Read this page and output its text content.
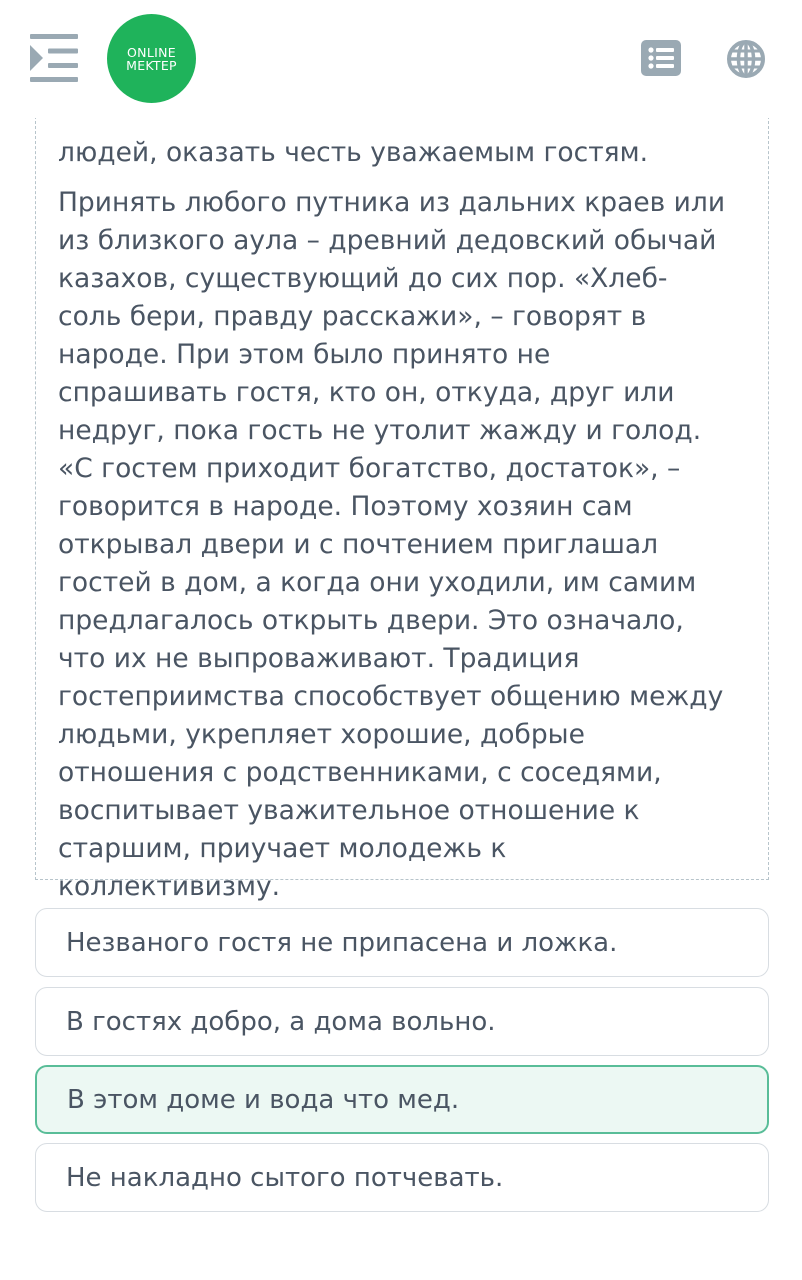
ONLINE
MEKTEP

людей, оказать честь уважаемым гостям.

Принять любого путника из дальних краев или из близкого аула – древний дедовский обычай казахов, существующий до сих пор. «Хлеб-соль бери, правду расскажи», – говорят в народе. При этом было принято не спрашивать гостя, кто он, откуда, друг или недруг, пока гость не утолит жажду и голод. «С гостем приходит богатство, достаток», – говорится в народе. Поэтому хозяин сам открывал двери и с почтением приглашал гостей в дом, а когда они уходили, им самим предлагалось открыть двери. Это означало, что их не выпроваживают. Традиция гостеприимства способствует общению между людьми, укрепляет хорошие, добрые отношения с родственниками, с соседями, воспитывает уважительное отношение к старшим, приучает молодежь к коллективизму.

Незваного гостя не припасена и ложка.
В гостях добро, а дома вольно.
В этом доме и вода что мед.
Не накладно сытого потчевать.
